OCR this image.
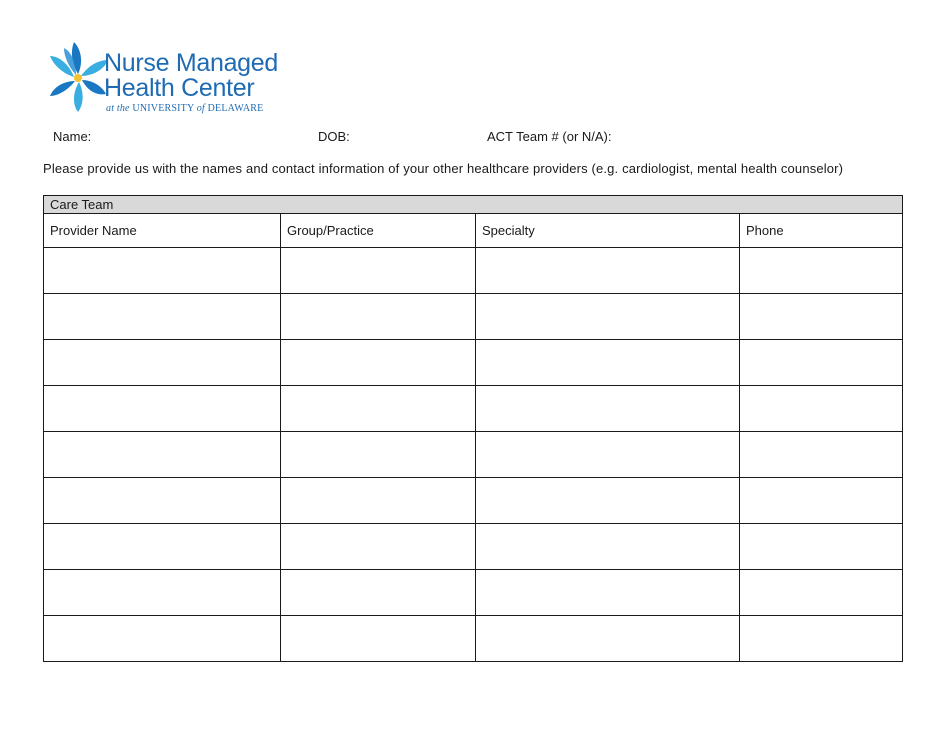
Nurse Managed
Health Center
at the UNIVERSITY of DELAWARE
Name:	DOB:	ACT Team # (or N/A):
Please provide us with the names and contact information of your other healthcare providers (e.g. cardiologist, mental health counselor)
Care Team			
Provider Name	Group/Practice	Specialty	Phone
